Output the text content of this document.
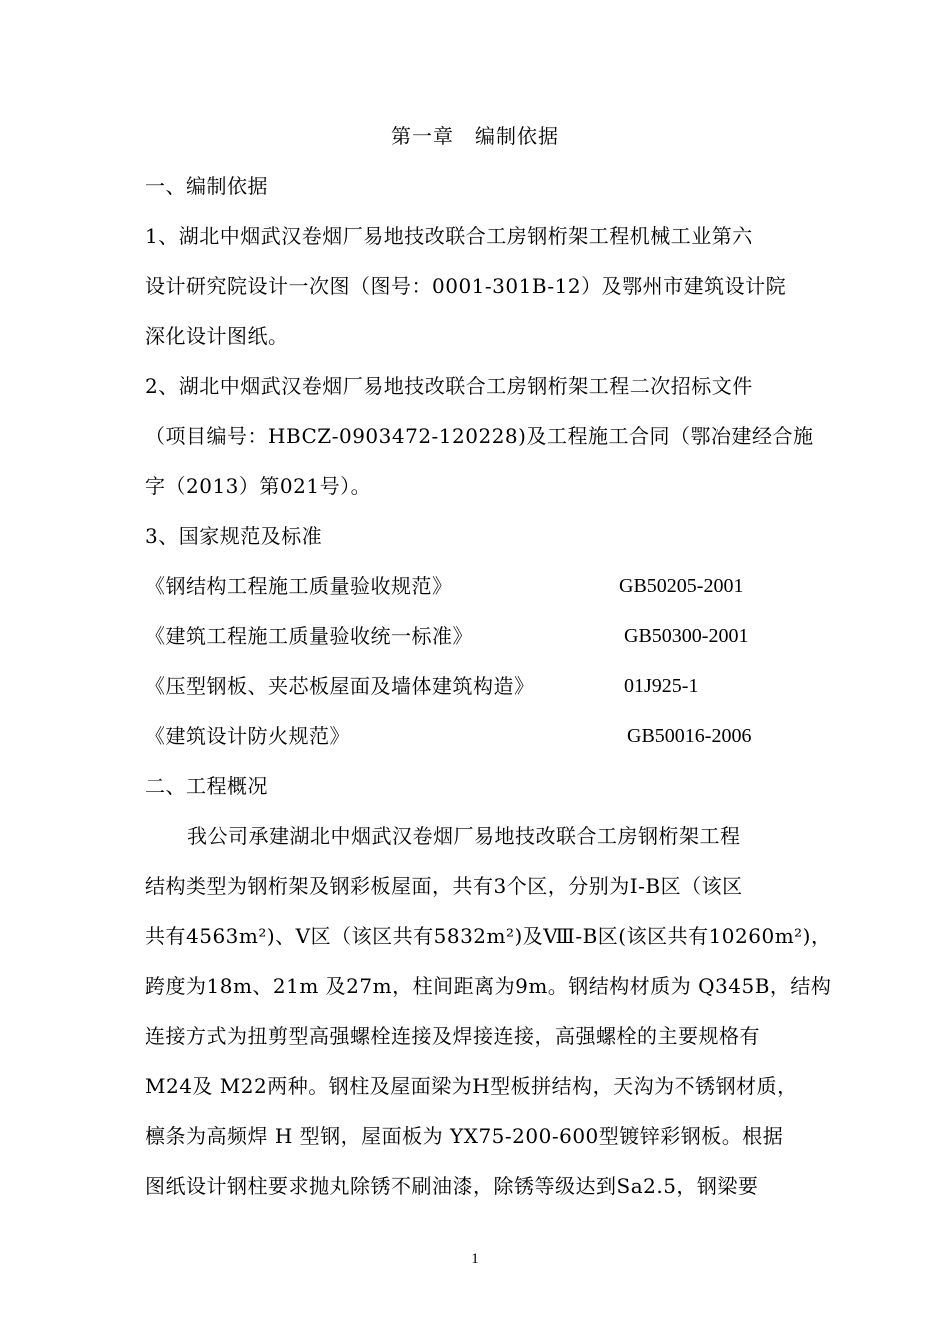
第一章　编制依据
一、编制依据
1、湖北中烟武汉卷烟厂易地技改联合工房钢桁架工程机械工业第六
设计研究院设计一次图（图号：0001-301B-12）及鄂州市建筑设计院
深化设计图纸。
2、湖北中烟武汉卷烟厂易地技改联合工房钢桁架工程二次招标文件
（项目编号：HBCZ-0903472-120228)及工程施工合同（鄂冶建经合施
字（2013）第021号）。
3、国家规范及标准
《钢结构工程施工质量验收规范》	GB50205-2001
《建筑工程施工质量验收统一标准》	GB50300-2001
《压型钢板、夹芯板屋面及墙体建筑构造》	01J925-1
《建筑设计防火规范》	GB50016-2006
二、工程概况
我公司承建湖北中烟武汉卷烟厂易地技改联合工房钢桁架工程
结构类型为钢桁架及钢彩板屋面，共有3个区，分别为Ⅰ-B区（该区
共有4563m²)、Ⅴ区（该区共有5832m²)及Ⅷ-B区(该区共有10260m²)，
跨度为18m、21m 及27m，柱间距离为9m。钢结构材质为 Q345B，结构
连接方式为扭剪型高强螺栓连接及焊接连接，高强螺栓的主要规格有
M24及 M22两种。钢柱及屋面梁为H型板拼结构，天沟为不锈钢材质，
檩条为高频焊 H 型钢，屋面板为 YX75-200-600型镀锌彩钢板。根据
图纸设计钢柱要求抛丸除锈不刷油漆，除锈等级达到Sa2.5，钢梁要
1
